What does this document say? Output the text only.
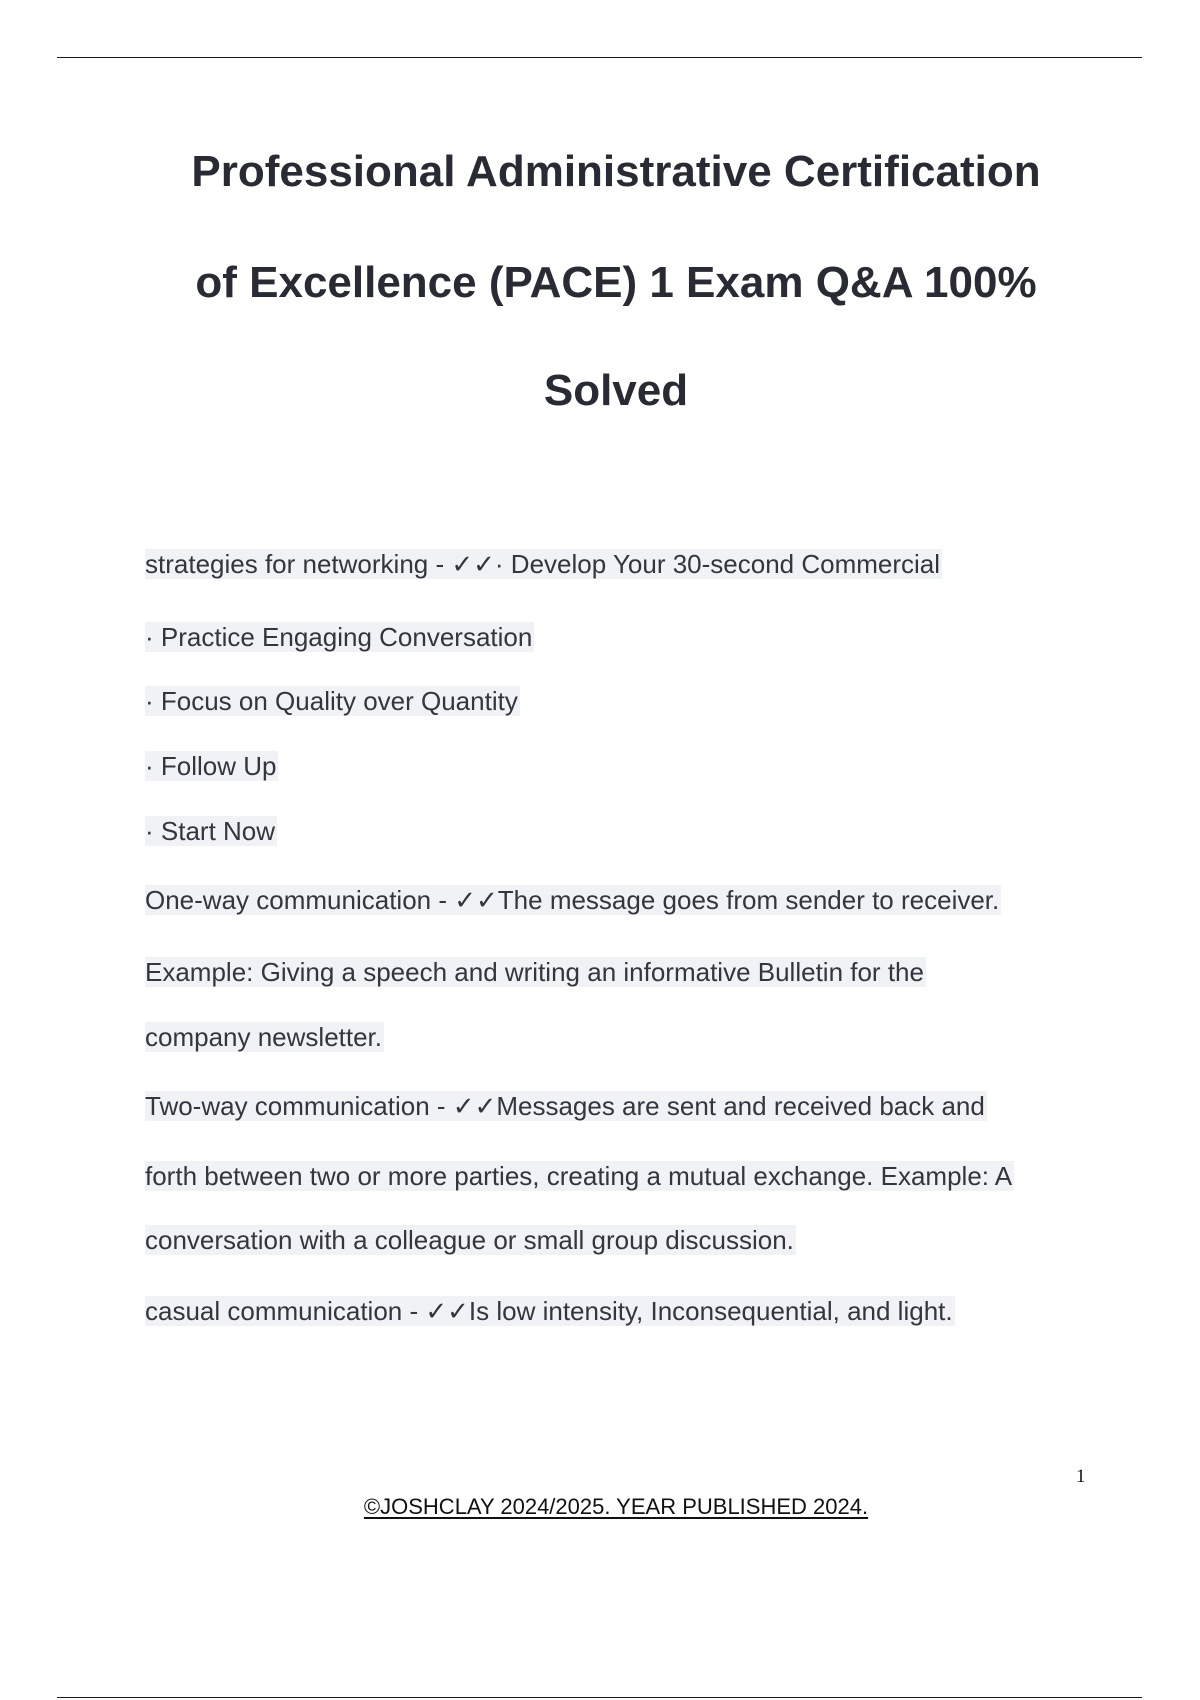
Professional Administrative Certification
of Excellence (PACE) 1 Exam Q&A 100%
Solved
strategies for networking - ✓✓· Develop Your 30-second Commercial
· Practice Engaging Conversation
· Focus on Quality over Quantity
· Follow Up
· Start Now
One-way communication - ✓✓The message goes from sender to receiver.
Example: Giving a speech and writing an informative Bulletin for the
company newsletter.
Two-way communication - ✓✓Messages are sent and received back and
forth between two or more parties, creating a mutual exchange. Example: A
conversation with a colleague or small group discussion.
casual communication - ✓✓Is low intensity, Inconsequential, and light.
1
©JOSHCLAY 2024/2025. YEAR PUBLISHED 2024.
